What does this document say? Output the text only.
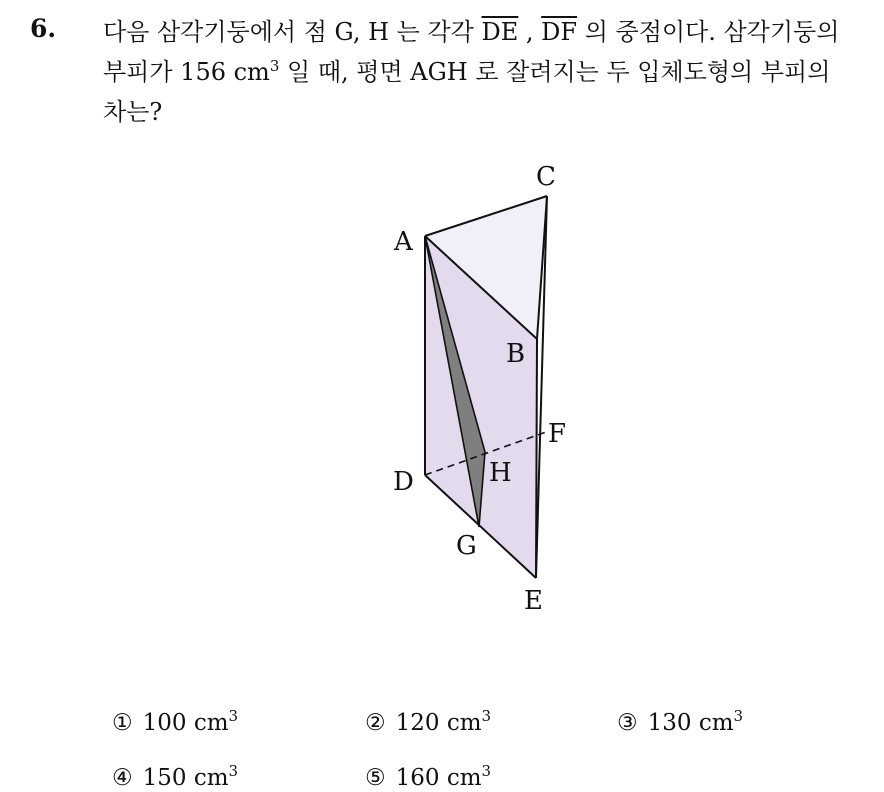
6. 다음 삼각기둥에서 점 G, H 는 각각 $\overline{DE}$ , $\overline{DF}$ 의 중점이다. 삼각기둥의
부피가 156 $cm^3$ 일 때, 평면 AGH 로 잘려지는 두 입체도형의 부피의
차는?
A
B
C
D
E
F
G
H
① 100 $cm^3$	② 120 $cm^3$	③ 130 $cm^3$
④ 150 $cm^3$	⑤ 160 $cm^3$
